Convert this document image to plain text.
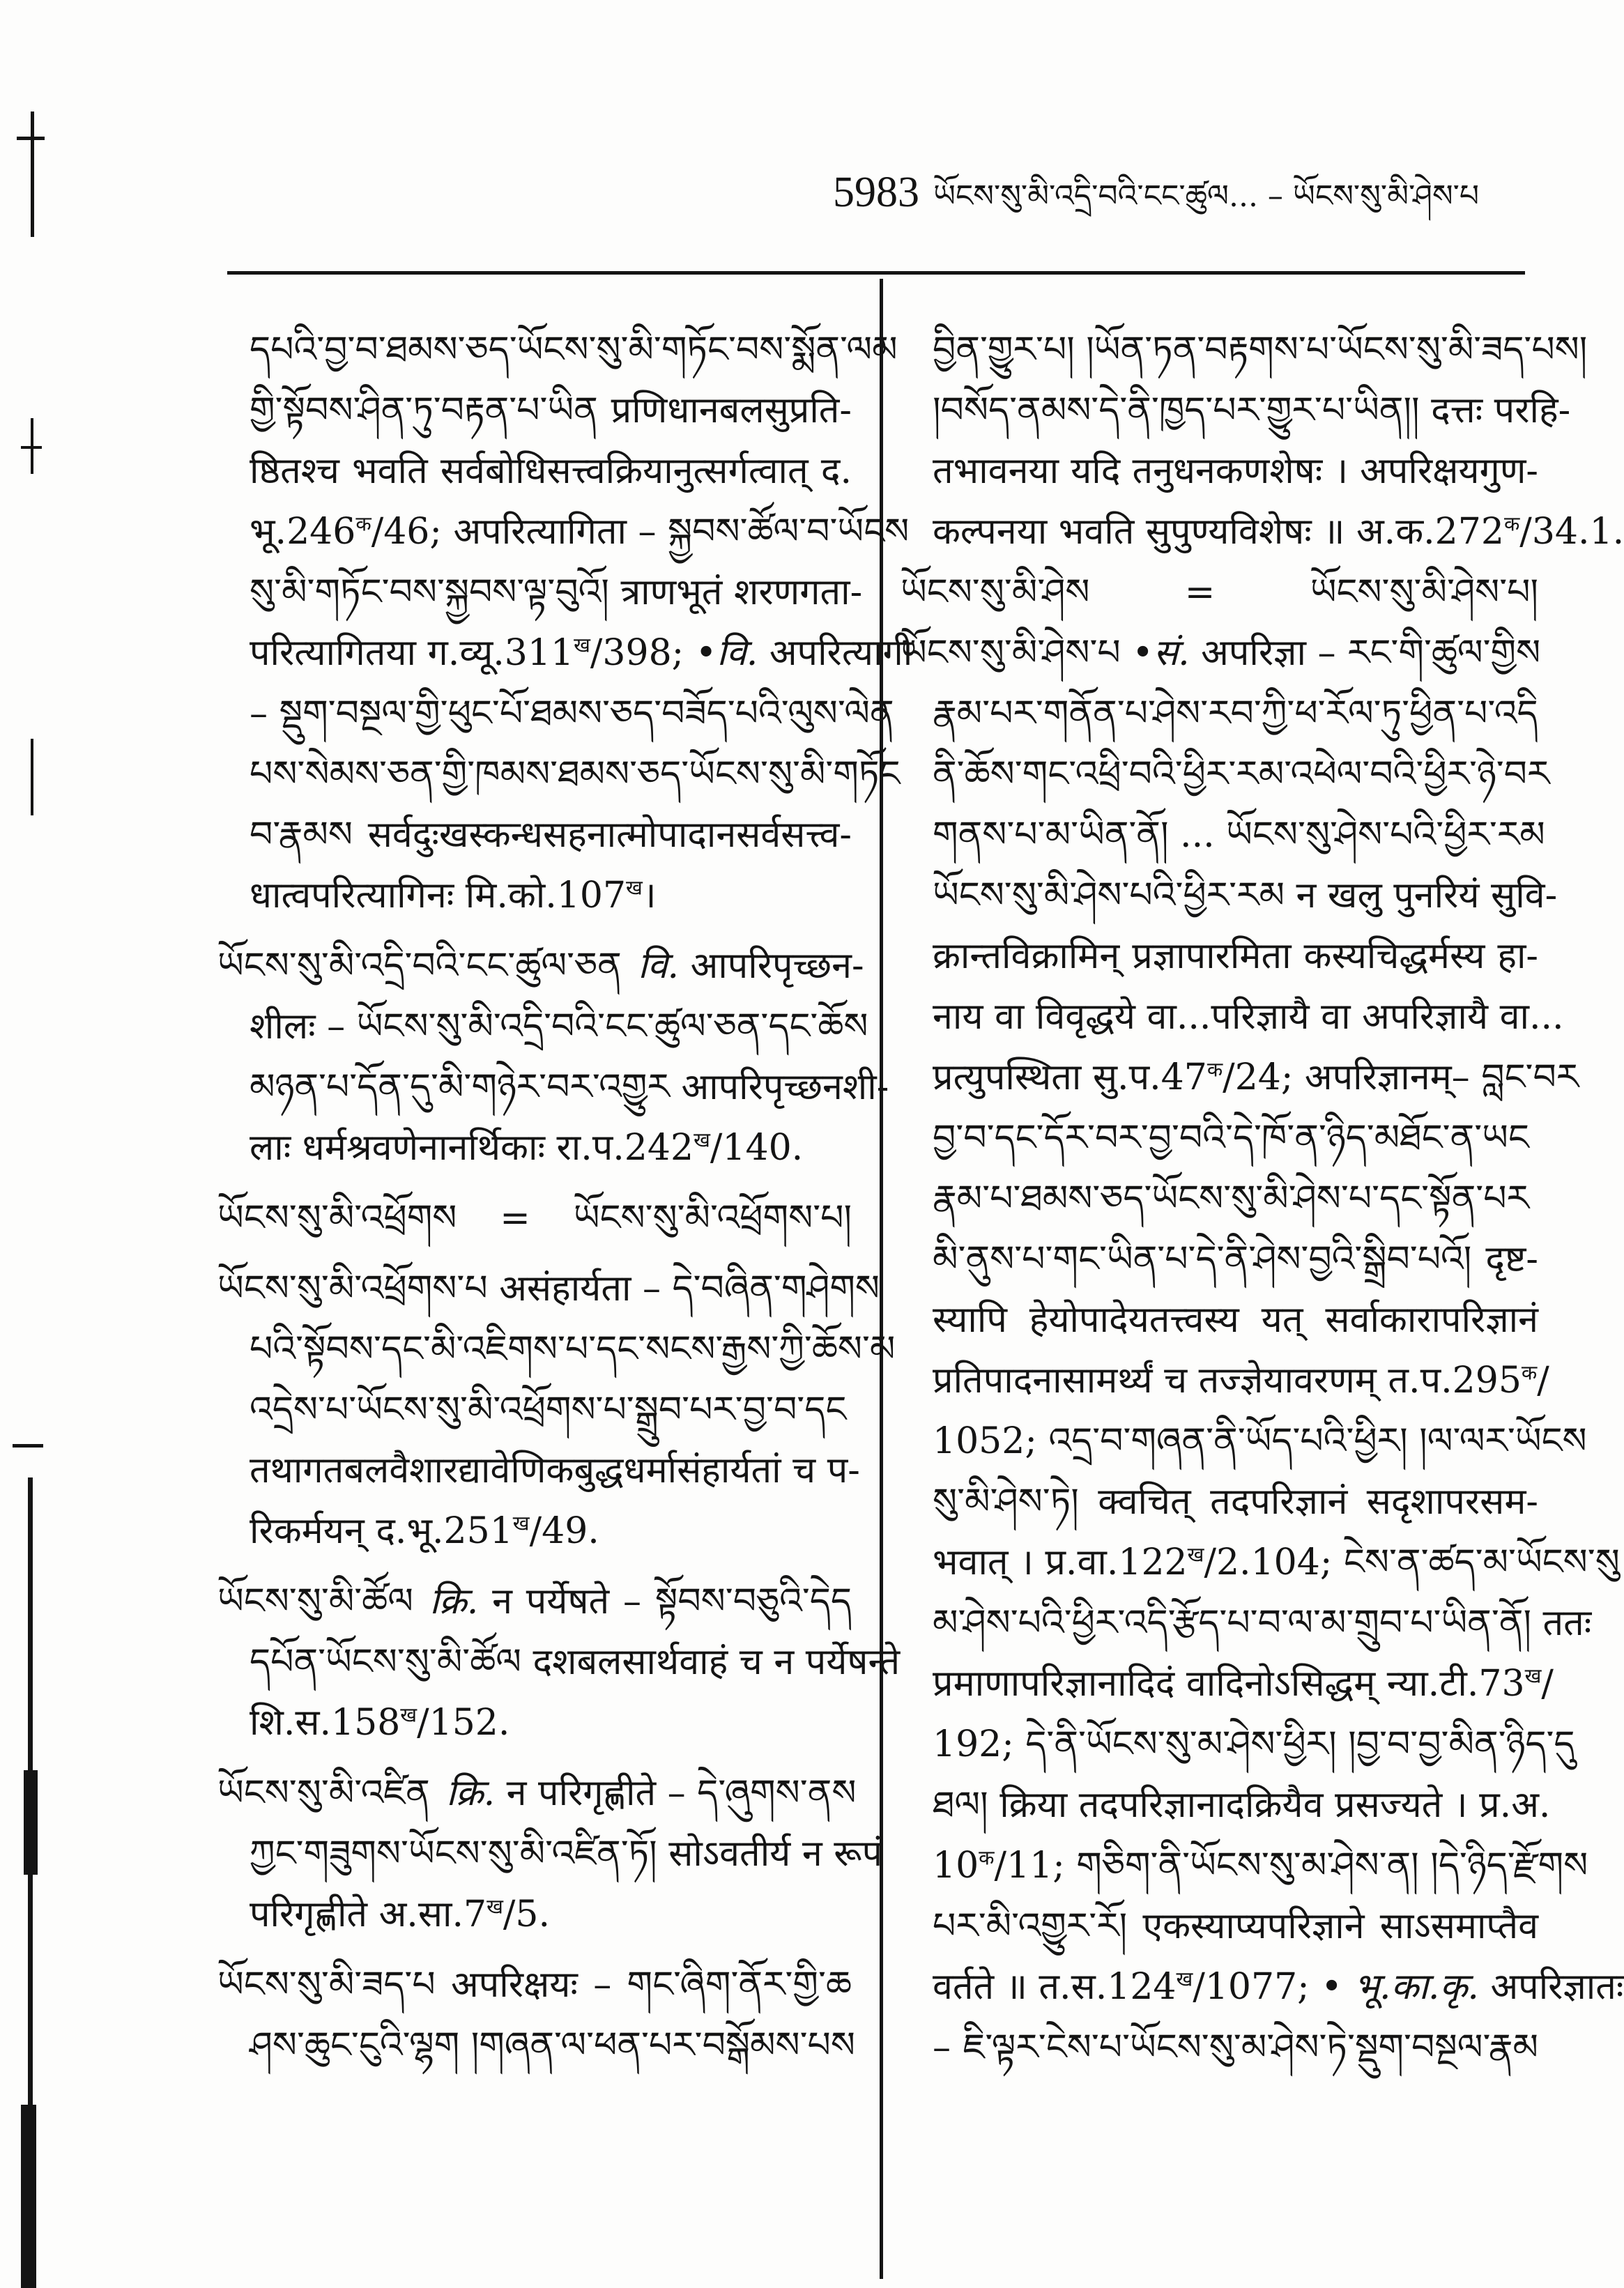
5983 ཡོངས་སུ་མི་འདྲི་བའི་ངང་ཚུལ... – ཡོངས་སུ་མི་ཤེས་པ
དཔའི་བྱ་བ་ཐམས་ཅད་ཡོངས་སུ་མི་གཏོང་བས་སྨོན་ལམ
གྱི་སྟོབས་ཤིན་ཏུ་བརྟན་པ་ཡིན प्रणिधानबलसुप्रति-
ष्ठितश्च भवति सर्वबोधिसत्त्वक्रियानुत्सर्गत्वात् द.
$भू.246^क/46$; अपरित्यागिता – སྐྱབས་ཚོལ་བ་ཡོངས
སུ་མི་གཏོང་བས་སྐྱབས་ལྟ་བུའོ། त्राणभूतं शरणगता-
परित्यागितया $ग.व्यू.311^ख/398$; •वि. अपरित्यागी
– སྡུག་བསྔལ་གྱི་ཕུང་པོ་ཐམས་ཅད་བཟོད་པའི་ལུས་ལེན
པས་སེམས་ཅན་གྱི་ཁམས་ཐམས་ཅད་ཡོངས་སུ་མི་གཏོང
བ་རྣམས सर्वदुःखस्कन्धसहनात्मोपादानसर्वसत्त्व-
धात्वपरित्यागिनः $मि.को.107^ख।$
ཡོངས་སུ་མི་འདྲི་བའི་ངང་ཚུལ་ཅན वि. आपरिपृच्छन-
शीलः – ཡོངས་སུ་མི་འདྲི་བའི་ངང་ཚུལ་ཅན་དང་ཆོས
མཉན་པ་དོན་དུ་མི་གཉེར་བར་འགྱུར आपरिपृच्छनशी-
लाः धर्मश्रवणेनानर्थिकाः $रा.प.242^ख/140$.
ཡོངས་སུ་མི་འཕྲོགས = ཡོངས་སུ་མི་འཕྲོགས་པ།
ཡོངས་སུ་མི་འཕྲོགས་པ असंहार्यता – དེ་བཞིན་གཤེགས
པའི་སྟོབས་དང་མི་འཇིགས་པ་དང་སངས་རྒྱས་ཀྱི་ཆོས་མ
འདྲེས་པ་ཡོངས་སུ་མི་འཕྲོགས་པ་སྒྲུབ་པར་བྱ་བ་དང
तथागतबलवैशारद्यावेणिकबुद्धधर्मासंहार्यतां च प-
रिकर्मयन् $द.भू.251^ख/49$.
ཡོངས་སུ་མི་ཚོལ क्रि. न पर्येषते – སྟོབས་བཅུའི་དེད
དཔོན་ཡོངས་སུ་མི་ཚོལ दशबलसार्थवाहं च न पर्येषन्ते
$शि.स.158^ख/152$.
ཡོངས་སུ་མི་འཛིན क्रि. न परिगृह्णीते – དེ་ཞུགས་ནས
ཀྱང་གཟུགས་ཡོངས་སུ་མི་འཛིན་ཏོ། सोऽवतीर्य न रूपं
परिगृह्णीते $अ.सा.7^ख/5$.
ཡོངས་སུ་མི་ཟད་པ अपरिक्षयः – གང་ཞིག་ནོར་གྱི་ཆ
ཤས་ཆུང་ངུའི་ལྷག །གཞན་ལ་ཕན་པར་བསྒོམས་པས
བྱིན་གྱུར་པ། །ཡོན་ཏན་བརྟགས་པ་ཡོངས་སུ་མི་ཟད་པས།
།བསོད་ནམས་དེ་ནི་ཁྱད་པར་གྱུར་པ་ཡིན།། दत्तः परहि-
तभावनया यदि तनुधनकणशेषः । अपरिक्षयगुण-
कल्पनया भवति सुपुण्यविशेषः ॥ $अ.क.272^क/34.1$.
ཡོངས་སུ་མི་ཤེས = ཡོངས་སུ་མི་ཤེས་པ།
ཡོངས་སུ་མི་ཤེས་པ •सं. अपरिज्ञा – རང་གི་ཚུལ་གྱིས
རྣམ་པར་གནོན་པ་ཤེས་རབ་ཀྱི་ཕ་རོལ་ཏུ་ཕྱིན་པ་འདི
ནི་ཆོས་གང་འཕྲི་བའི་ཕྱིར་རམ་འཕེལ་བའི་ཕྱིར་ཉེ་བར
གནས་པ་མ་ཡིན་ནོ། ... ཡོངས་སུ་ཤེས་པའི་ཕྱིར་རམ
ཡོངས་སུ་མི་ཤེས་པའི་ཕྱིར་རམ न खलु पुनरियं सुवि-
क्रान्तविक्रामिन् प्रज्ञापारमिता कस्यचिद्धर्मस्य हा-
नाय वा विवृद्धये वा...परिज्ञायै वा अपरिज्ञायै वा...
प्रत्युपस्थिता $सु.प.47^क/24$; अपरिज्ञानम्– བླང་བར
བྱ་བ་དང་དོར་བར་བྱ་བའི་དེ་ཁོ་ན་ཉིད་མཐོང་ན་ཡང
རྣམ་པ་ཐམས་ཅད་ཡོངས་སུ་མི་ཤེས་པ་དང་སྟོན་པར
མི་ནུས་པ་གང་ཡིན་པ་དེ་ནི་ཤེས་བྱའི་སྒྲིབ་པའོ། दृष्ट-
स्यापि हेयोपादेयतत्त्वस्य यत् सर्वाकारापरिज्ञानं
प्रतिपादनासामर्थ्यं च तज्ज्ञेयावरणम् $त.प.295^क/$
1052; འདྲ་བ་གཞན་ནི་ཡོད་པའི་ཕྱིར། །ལ་ལར་ཡོངས
སུ་མི་ཤེས་ཏེ། क्वचित् तदपरिज्ञानं सदृशापरसम-
भवात् । $प्र.वा.122^ख/2.104$; ངེས་ན་ཚད་མ་ཡོངས་སུ
མ་ཤེས་པའི་ཕྱིར་འདི་རྩོད་པ་བ་ལ་མ་གྲུབ་པ་ཡིན་ནོ། ततः
प्रमाणापरिज्ञानादिदं वादिनोऽसिद्धम् $न्या.टी.73^ख/$
192; དེ་ནི་ཡོངས་སུ་མ་ཤེས་ཕྱིར། །བྱ་བ་བྱ་མིན་ཉིད་དུ
ཐལ། क्रिया तदपरिज्ञानादक्रियैव प्रसज्यते । प्र.अ.
$10^क/11$; གཅིག་ནི་ཡོངས་སུ་མ་ཤེས་ན། །དེ་ཉིད་རྫོགས
པར་མི་འགྱུར་རོ། एकस्याप्यपरिज्ञाने साऽसमाप्तैव
वर्तते ॥ $त.स.124^ख/1077$; • भू.का.कृ. अपरिज्ञातः
– ཇི་ལྟར་ངེས་པ་ཡོངས་སུ་མ་ཤེས་ཏེ་སྡུག་བསྔལ་རྣམ
